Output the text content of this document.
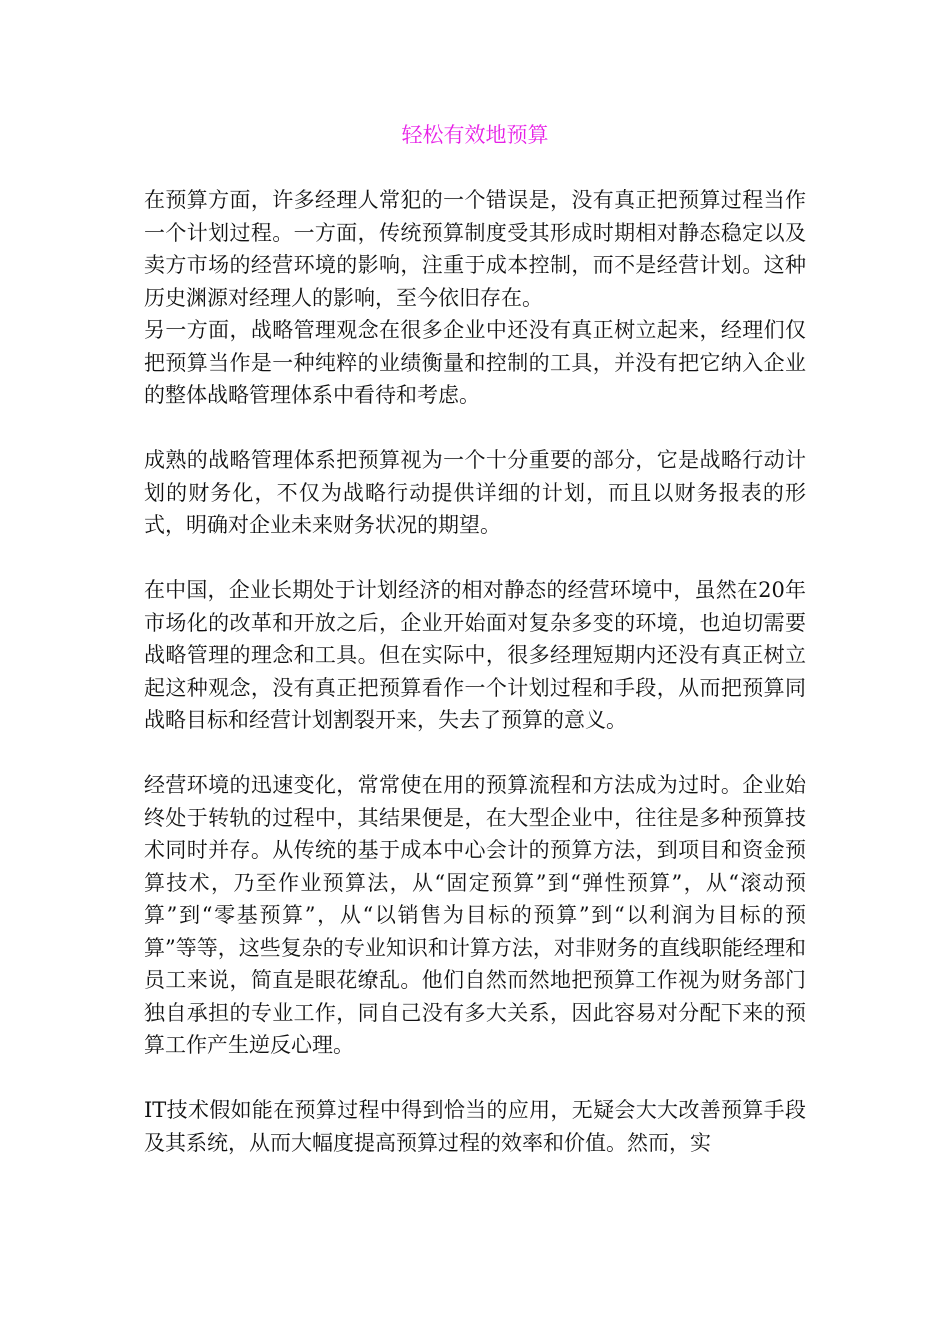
轻松有效地预算

在预算方面，许多经理人常犯的一个错误是，没有真正把预算过程当作一个计划过程。一方面，传统预算制度受其形成时期相对静态稳定以及卖方市场的经营环境的影响，注重于成本控制，而不是经营计划。这种历史渊源对经理人的影响，至今依旧存在。

另一方面，战略管理观念在很多企业中还没有真正树立起来，经理们仅把预算当作是一种纯粹的业绩衡量和控制的工具，并没有把它纳入企业的整体战略管理体系中看待和考虑。

成熟的战略管理体系把预算视为一个十分重要的部分，它是战略行动计划的财务化，不仅为战略行动提供详细的计划，而且以财务报表的形式，明确对企业未来财务状况的期望。

在中国，企业长期处于计划经济的相对静态的经营环境中，虽然在20年市场化的改革和开放之后，企业开始面对复杂多变的环境，也迫切需要战略管理的理念和工具。但在实际中，很多经理短期内还没有真正树立起这种观念，没有真正把预算看作一个计划过程和手段，从而把预算同战略目标和经营计划割裂开来，失去了预算的意义。

经营环境的迅速变化，常常使在用的预算流程和方法成为过时。企业始终处于转轨的过程中，其结果便是，在大型企业中，往往是多种预算技术同时并存。从传统的基于成本中心会计的预算方法，到项目和资金预算技术，乃至作业预算法，从“固定预算”到“弹性预算”，从“滚动预算”到“零基预算”，从“以销售为目标的预算”到“以利润为目标的预算”等等，这些复杂的专业知识和计算方法，对非财务的直线职能经理和员工来说，简直是眼花缭乱。他们自然而然地把预算工作视为财务部门独自承担的专业工作，同自己没有多大关系，因此容易对分配下来的预算工作产生逆反心理。

IT技术假如能在预算过程中得到恰当的应用，无疑会大大改善预算手段及其系统，从而大幅度提高预算过程的效率和价值。然而，实
